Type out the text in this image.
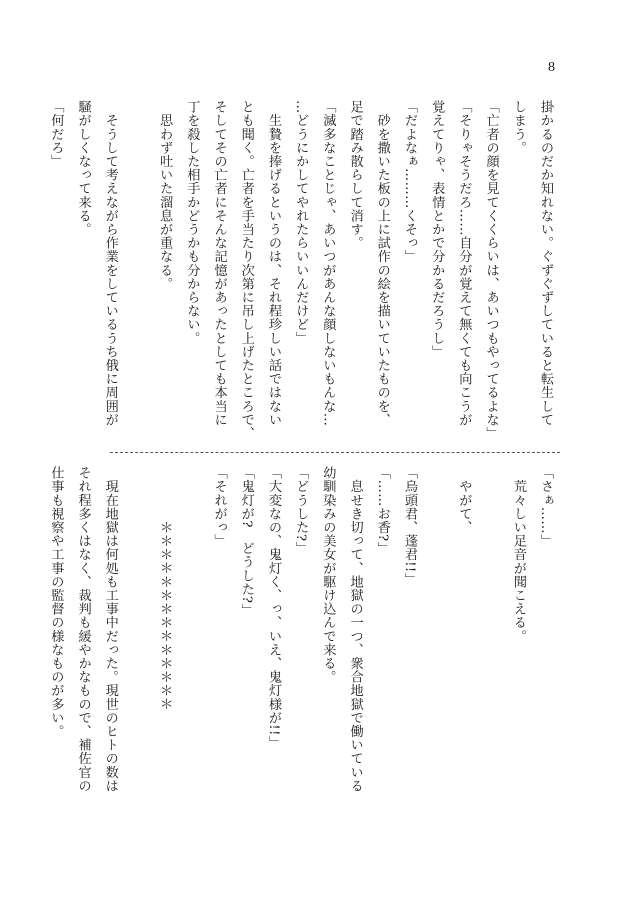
8
掛かるのだか知れない。ぐずぐずしていると転生して
しまう。
「亡者の顔を見てくくらいは、あいつもやってるよな」
「そりゃそうだろ……自分が覚えて無くても向こうが
覚えてりゃ、表情とかで分かるだろうし」
「だよなぁ………くそっ」
　砂を撒いた板の上に試作の絵を描いていたものを、
足で踏み散らして消す。
「滅多なことじゃ、あいつがあんな顔しないもんな…
…どうにかしてやれたらいいんだけど」
　生贄を捧げるというのは、それ程珍しい話ではない
とも聞く。亡者を手当たり次第に吊し上げたところで、
そしてその亡者にそんな記憶があったとしても本当に
丁を殺した相手かどうかも分からない。
　思わず吐いた溜息が重なる。

　そうして考えながら作業をしているうち俄に周囲が
騒がしくなって来る。
「何だろ」
「さぁ……」
　荒々しい足音が聞こえる。

　やがて、

「烏頭君、蓬君!!」
「……お香?」
　息せき切って、地獄の一つ、衆合地獄で働いている
幼馴染みの美女が駆け込んで来る。
「どうした?」
「大変なの、鬼灯く、っ、いえ、鬼灯様が!!」
「鬼灯が?　どうした?」
「それがっ」

　　　　＊＊＊＊＊＊＊＊＊＊＊＊＊＊

　現在地獄は何処も工事中だった。現世のヒトの数は
それ程多くはなく、裁判も緩やかなもので、補佐官の
仕事も視察や工事の監督の様なものが多い。
